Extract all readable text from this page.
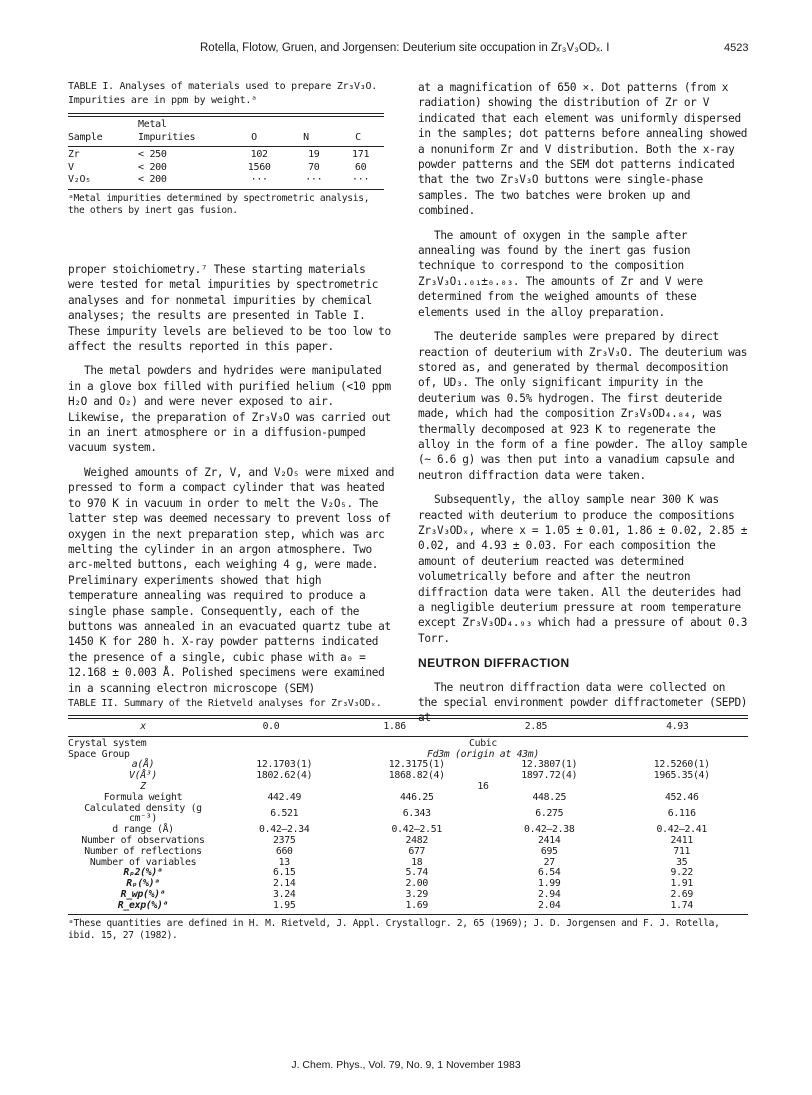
Rotella, Flotow, Gruen, and Jorgensen: Deuterium site occupation in Zr₃V₃ODₓ. I	4523
TABLE I. Analyses of materials used to prepare Zr₃V₃O. Impurities are in ppm by weight.ᵃ
Sample	Metal Impurities	O	N	C
Zr	< 250	102	19	171
V	< 200	1560	70	60
V₂O₅	< 200	···	···	···
ᵃMetal impurities determined by spectrometric analysis, the others by inert gas fusion.

proper stoichiometry.⁷ These starting materials were tested for metal impurities by spectrometric analyses and for nonmetal impurities by chemical analyses; the results are presented in Table I. These impurity levels are believed to be too low to affect the results reported in this paper.

The metal powders and hydrides were manipulated in a glove box filled with purified helium (<10 ppm H₂O and O₂) and were never exposed to air. Likewise, the preparation of Zr₃V₃O was carried out in an inert atmosphere or in a diffusion-pumped vacuum system.

Weighed amounts of Zr, V, and V₂O₅ were mixed and pressed to form a compact cylinder that was heated to 970 K in vacuum in order to melt the V₂O₅. The latter step was deemed necessary to prevent loss of oxygen in the next preparation step, which was arc melting the cylinder in an argon atmosphere. Two arc-melted buttons, each weighing 4 g, were made. Preliminary experiments showed that high temperature annealing was required to produce a single phase sample. Consequently, each of the buttons was annealed in an evacuated quartz tube at 1450 K for 280 h. X-ray powder patterns indicated the presence of a single, cubic phase with a₀ = 12.168 ± 0.003 Å. Polished specimens were examined in a scanning electron microscope (SEM)

at a magnification of 650 ×. Dot patterns (from x radiation) showing the distribution of Zr or V indicated that each element was uniformly dispersed in the samples; dot patterns before annealing showed a nonuniform Zr and V distribution. Both the x-ray powder patterns and the SEM dot patterns indicated that the two Zr₃V₃O buttons were single-phase samples. The two batches were broken up and combined.

The amount of oxygen in the sample after annealing was found by the inert gas fusion technique to correspond to the composition Zr₃V₃O₁.₀₁±₀.₀₃. The amounts of Zr and V were determined from the weighed amounts of these elements used in the alloy preparation.

The deuteride samples were prepared by direct reaction of deuterium with Zr₃V₃O. The deuterium was stored as, and generated by thermal decomposition of, UD₃. The only significant impurity in the deuterium was 0.5% hydrogen. The first deuteride made, which had the composition Zr₃V₃OD₄.₈₄, was thermally decomposed at 923 K to regenerate the alloy in the form of a fine powder. The alloy sample (~ 6.6 g) was then put into a vanadium capsule and neutron diffraction data were taken.

Subsequently, the alloy sample near 300 K was reacted with deuterium to produce the compositions Zr₃V₃ODₓ, where x = 1.05 ± 0.01, 1.86 ± 0.02, 2.85 ± 0.02, and 4.93 ± 0.03. For each composition the amount of deuterium reacted was determined volumetrically before and after the neutron diffraction data were taken. All the deuterides had a negligible deuterium pressure at room temperature except Zr₃V₃OD₄.₉₃ which had a pressure of about 0.3 Torr.

NEUTRON DIFFRACTION

The neutron diffraction data were collected on the special environment powder diffractometer (SEPD) at

TABLE II. Summary of the Rietveld analyses for Zr₃V₃ODₓ.
x	0.0	1.86	2.85	4.93
Crystal system	Cubic			
Space Group	Fd3m (origin at 43m)			
a(Å)	12.1703(1)	12.3175(1)	12.3807(1)	12.5260(1)
V(Å³)	1802.62(4)	1868.82(4)	1897.72(4)	1965.35(4)
Z	16			
Formula weight	442.49	446.25	448.25	452.46
Calculated density (g cm⁻³)	6.521	6.343	6.275	6.116
d range (Å)	0.42–2.34	0.42–2.51	0.42–2.38	0.42–2.41
Number of observations	2375	2482	2414	2411
Number of reflections	660	677	695	711
Number of variables	13	18	27	35
Rₚ2(%)ᵃ	6.15	5.74	6.54	9.22
Rₚ(%)ᵃ	2.14	2.00	1.99	1.91
R_wp(%)ᵃ	3.24	3.29	2.94	2.69
R_exp(%)ᵃ	1.95	1.69	2.04	1.74
ᵃThese quantities are defined in H. M. Rietveld, J. Appl. Crystallogr. 2, 65 (1969); J. D. Jorgensen and F. J. Rotella, ibid. 15, 27 (1982).
J. Chem. Phys., Vol. 79, No. 9, 1 November 1983
